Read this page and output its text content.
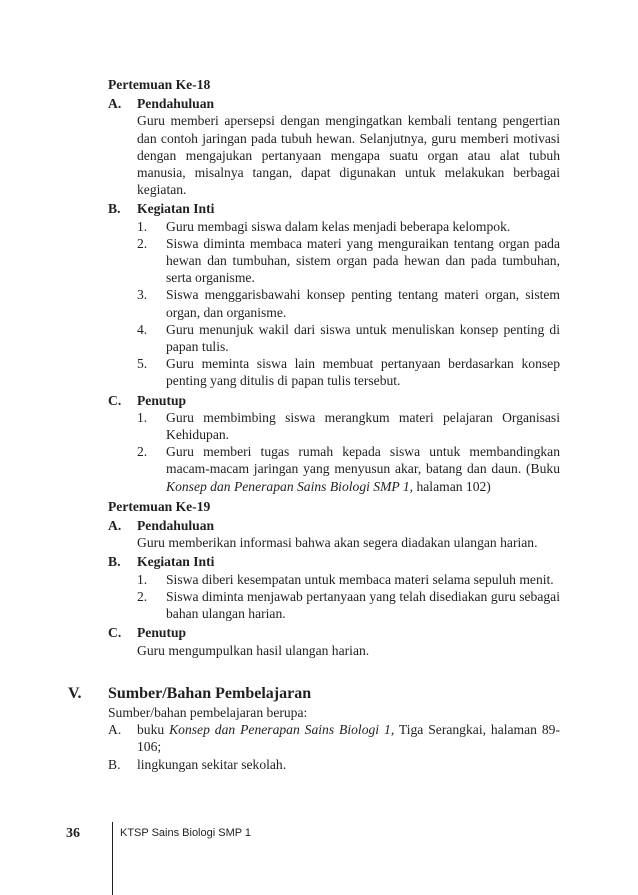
Pertemuan Ke-18
A.	Pendahuluan
Guru memberi apersepsi dengan mengingatkan kembali tentang pengertian dan contoh jaringan pada tubuh hewan. Selanjutnya, guru memberi motivasi dengan mengajukan pertanyaan mengapa suatu organ atau alat tubuh manusia, misalnya tangan, dapat digunakan untuk melakukan berbagai kegiatan.
B.	Kegiatan Inti
1.	Guru membagi siswa dalam kelas menjadi beberapa kelompok.
2.	Siswa diminta membaca materi yang menguraikan tentang organ pada hewan dan tumbuhan, sistem organ pada hewan dan pada tumbuhan, serta organisme.
3.	Siswa menggarisbawahi konsep penting tentang materi organ, sistem organ, dan organisme.
4.	Guru menunjuk wakil dari siswa untuk menuliskan konsep penting di papan tulis.
5.	Guru meminta siswa lain membuat pertanyaan berdasarkan konsep penting yang ditulis di papan tulis tersebut.
C.	Penutup
1.	Guru membimbing siswa merangkum materi pelajaran Organisasi Kehidupan.
2.	Guru memberi tugas rumah kepada siswa untuk membandingkan macam-macam jaringan yang menyusun akar, batang dan daun. (Buku Konsep dan Penerapan Sains Biologi SMP 1, halaman 102)
Pertemuan Ke-19
A.	Pendahuluan
Guru memberikan informasi bahwa akan segera diadakan ulangan harian.
B.	Kegiatan Inti
1.	Siswa diberi kesempatan untuk membaca materi selama sepuluh menit.
2.	Siswa diminta menjawab pertanyaan yang telah disediakan guru sebagai bahan ulangan harian.
C.	Penutup
Guru mengumpulkan hasil ulangan harian.
V.	Sumber/Bahan Pembelajaran
Sumber/bahan pembelajaran berupa:
A.	buku Konsep dan Penerapan Sains Biologi 1, Tiga Serangkai, halaman 89-106;
B.	lingkungan sekitar sekolah.
36	KTSP Sains Biologi SMP 1
